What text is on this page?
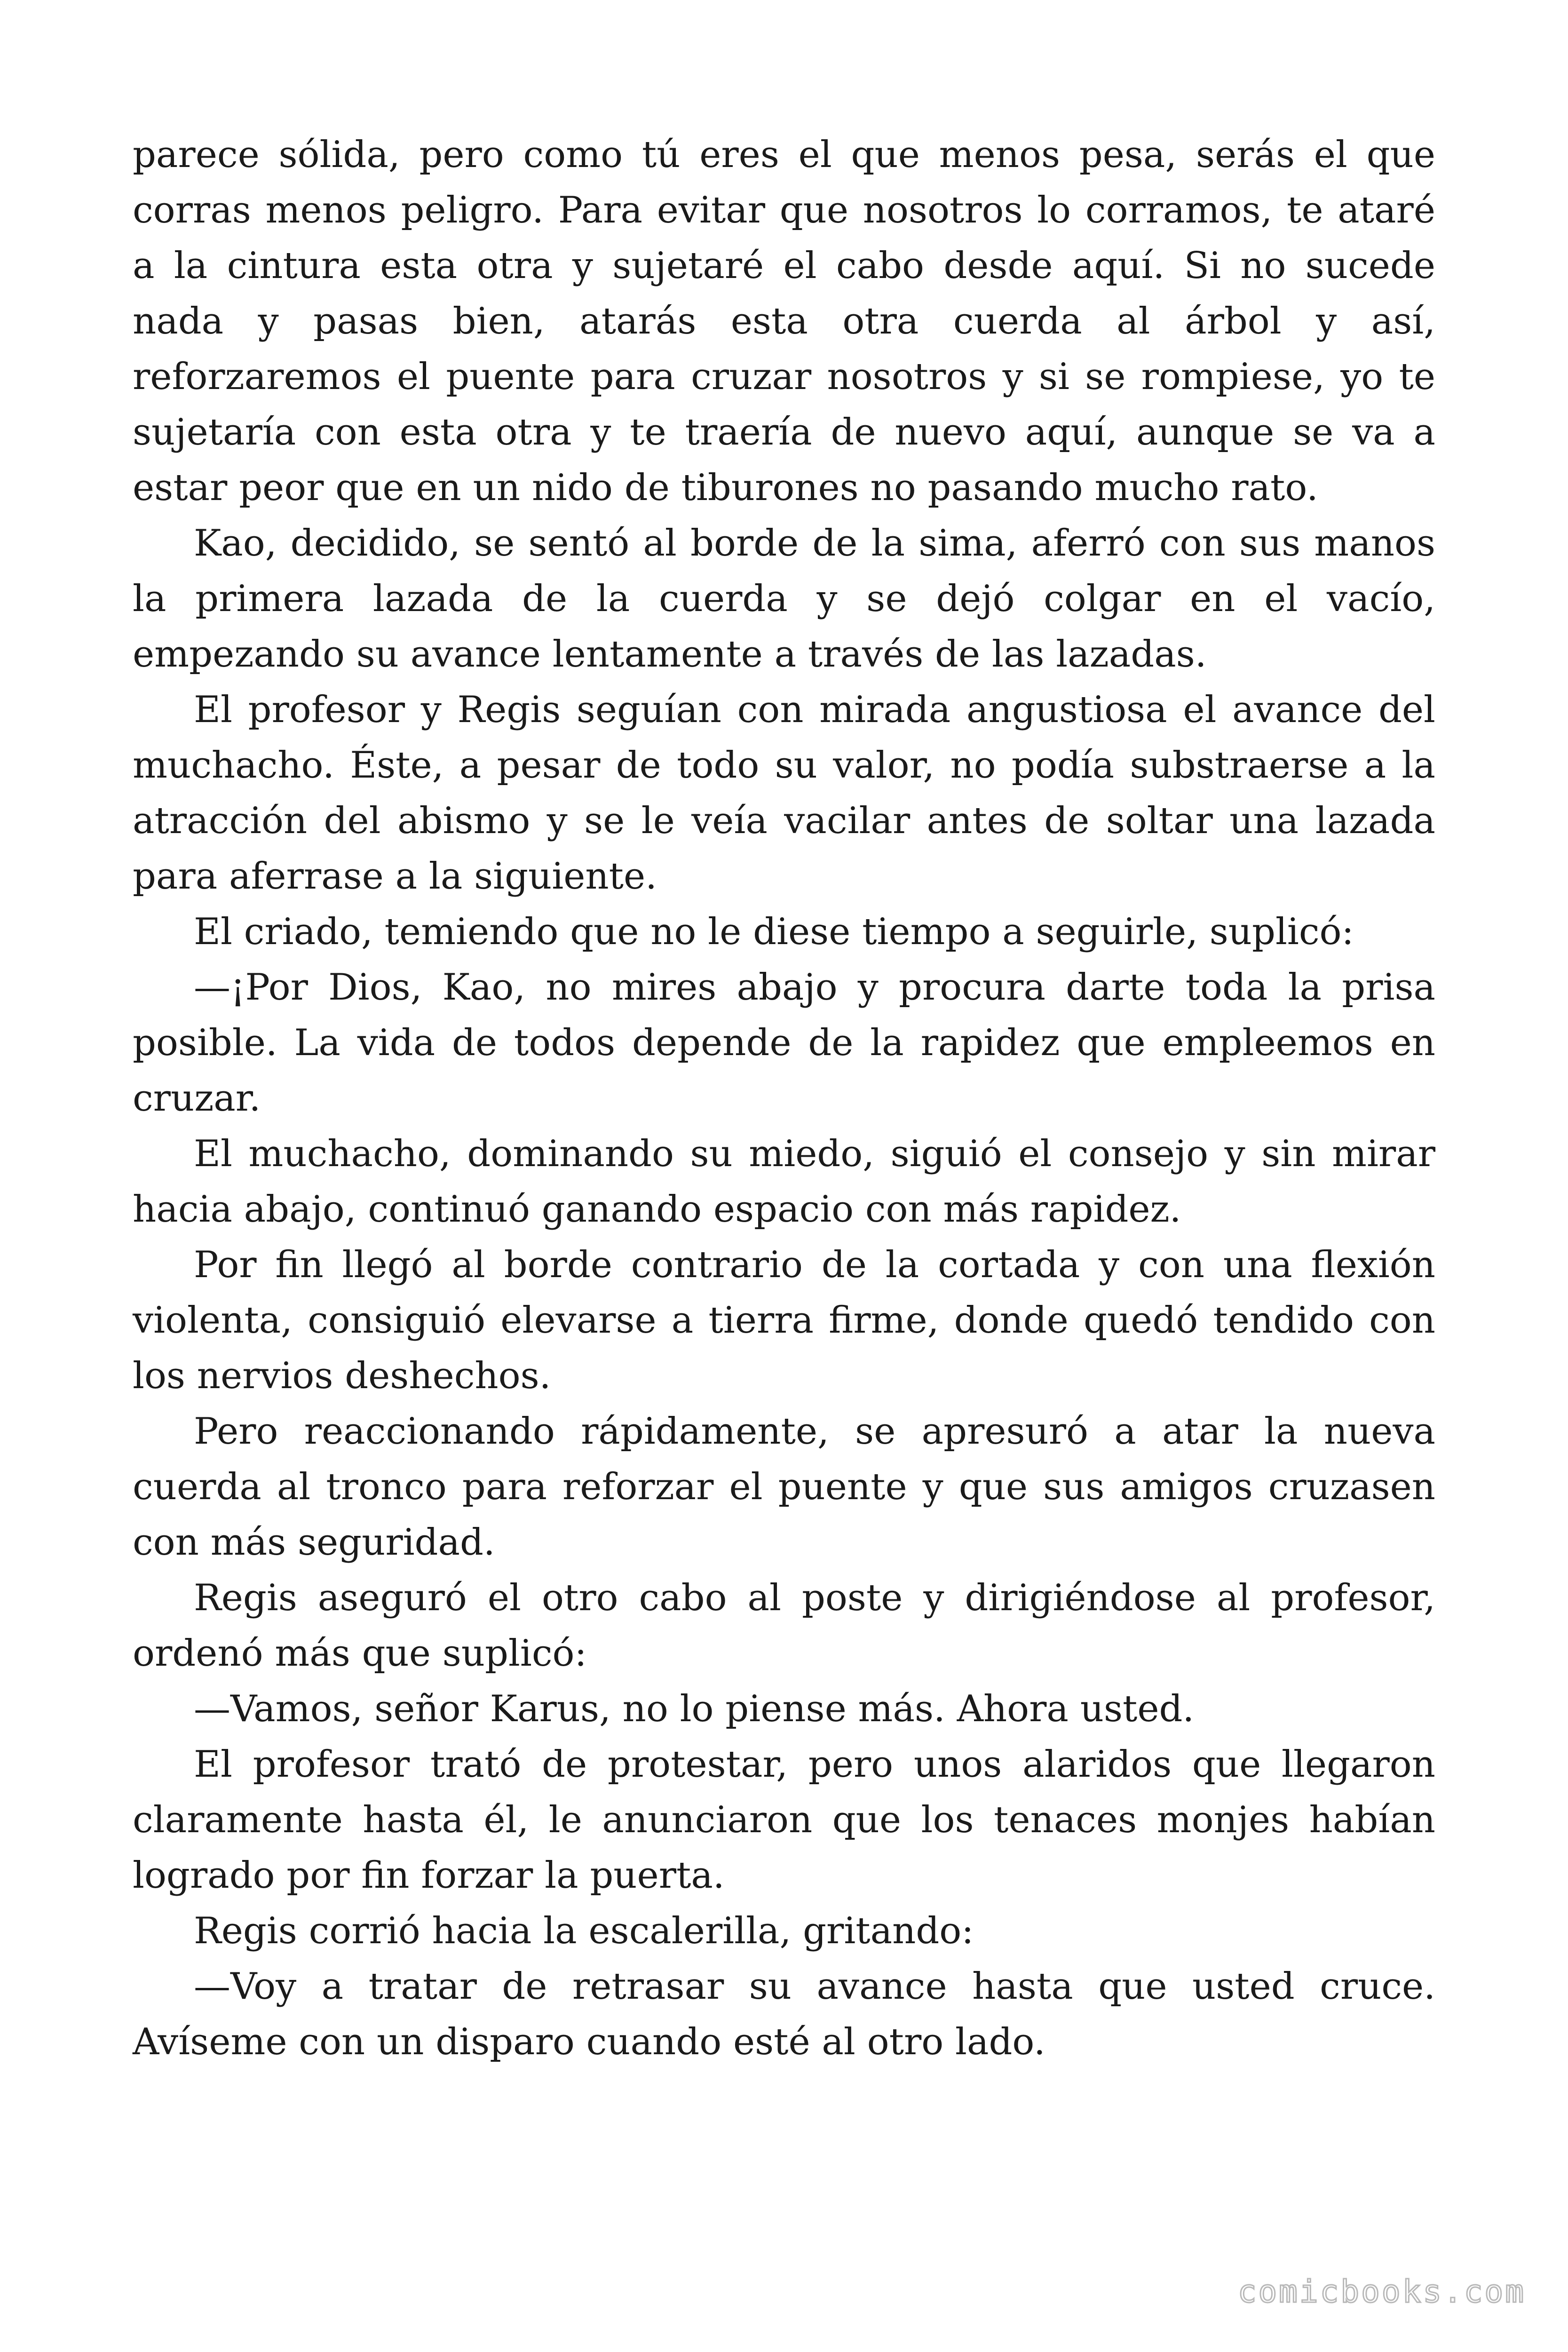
parece sólida, pero como tú eres el que menos pesa, serás el que corras menos peligro. Para evitar que nosotros lo corramos, te ataré a la cintura esta otra y sujetaré el cabo desde aquí. Si no sucede nada y pasas bien, atarás esta otra cuerda al árbol y así, reforzaremos el puente para cruzar nosotros y si se rompiese, yo te sujetaría con esta otra y te traería de nuevo aquí, aunque se va a estar peor que en un nido de tiburones no pasando mucho rato.

Kao, decidido, se sentó al borde de la sima, aferró con sus manos la primera lazada de la cuerda y se dejó colgar en el vacío, empezando su avance lentamente a través de las lazadas.

El profesor y Regis seguían con mirada angustiosa el avance del muchacho. Éste, a pesar de todo su valor, no podía substraerse a la atracción del abismo y se le veía vacilar antes de soltar una lazada para aferrase a la siguiente.

El criado, temiendo que no le diese tiempo a seguirle, suplicó:

—¡Por Dios, Kao, no mires abajo y procura darte toda la prisa posible. La vida de todos depende de la rapidez que empleemos en cruzar.

El muchacho, dominando su miedo, siguió el consejo y sin mirar hacia abajo, continuó ganando espacio con más rapidez.

Por fin llegó al borde contrario de la cortada y con una flexión violenta, consiguió elevarse a tierra firme, donde quedó tendido con los nervios deshechos.

Pero reaccionando rápidamente, se apresuró a atar la nueva cuerda al tronco para reforzar el puente y que sus amigos cruzasen con más seguridad.

Regis aseguró el otro cabo al poste y dirigiéndose al profesor, ordenó más que suplicó:

—Vamos, señor Karus, no lo piense más. Ahora usted.

El profesor trató de protestar, pero unos alaridos que llegaron claramente hasta él, le anunciaron que los tenaces monjes habían logrado por fin forzar la puerta.

Regis corrió hacia la escalerilla, gritando:

—Voy a tratar de retrasar su avance hasta que usted cruce. Avíseme con un disparo cuando esté al otro lado.

comicbooks.com
